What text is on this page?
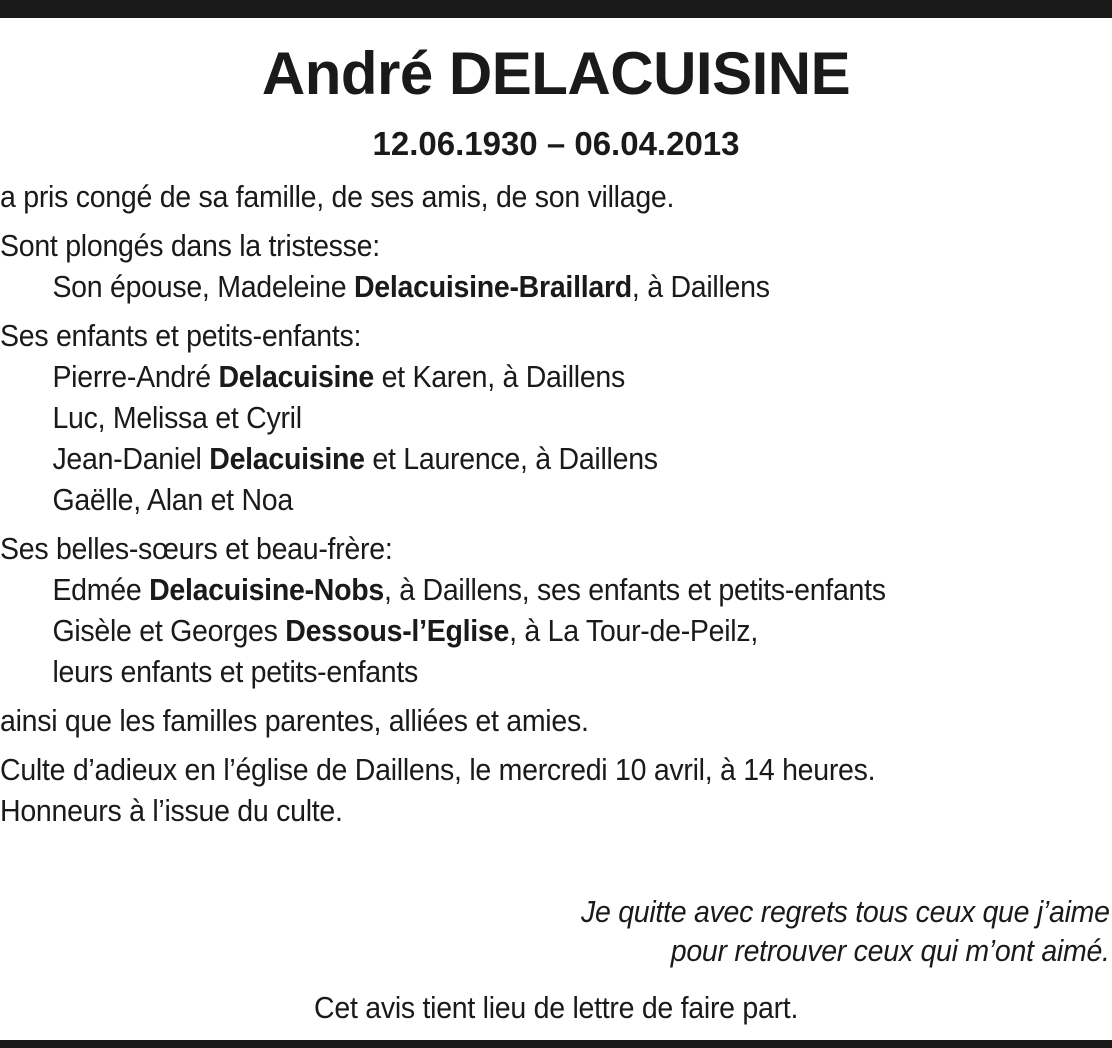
André DELACUISINE
12.06.1930 – 06.04.2013

a pris congé de sa famille, de ses amis, de son village.

Sont plongés dans la tristesse:

Son épouse, Madeleine Delacuisine-Braillard, à Daillens

Ses enfants et petits-enfants:

Pierre-André Delacuisine et Karen, à Daillens

Luc, Melissa et Cyril

Jean-Daniel Delacuisine et Laurence, à Daillens

Gaëlle, Alan et Noa

Ses belles-sœurs et beau-frère:

Edmée Delacuisine-Nobs, à Daillens, ses enfants et petits-enfants

Gisèle et Georges Dessous-l’Eglise, à La Tour-de-Peilz,

leurs enfants et petits-enfants

ainsi que les familles parentes, alliées et amies.

Culte d’adieux en l’église de Daillens, le mercredi 10 avril, à 14 heures.

Honneurs à l’issue du culte.

Je quitte avec regrets tous ceux que j’aime
pour retrouver ceux qui m’ont aimé.
Cet avis tient lieu de lettre de faire part.
